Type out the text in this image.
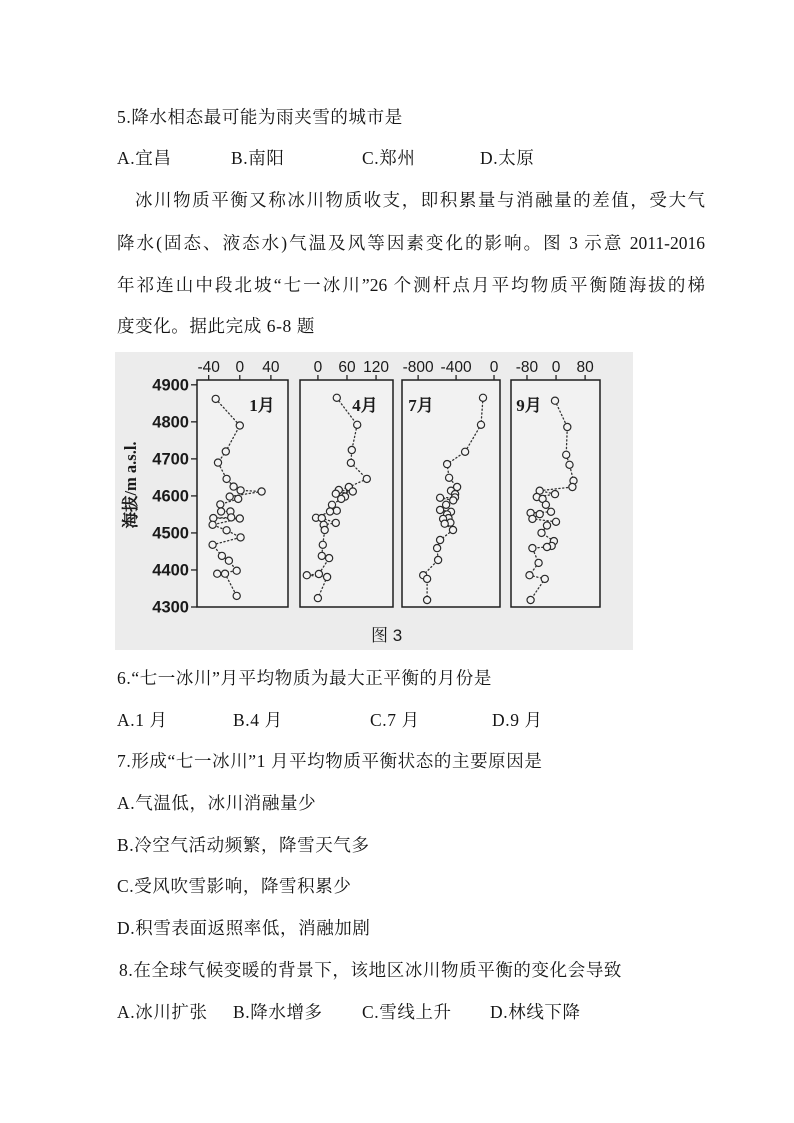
5.降水相态最可能为雨夹雪的城市是
A.宜昌	B.南阳	C.郑州	D.太原
冰川物质平衡又称冰川物质收支，即积累量与消融量的差值，受大气
降水(固态、液态水)气温及风等因素变化的影响。图 3 示意 2011-2016
年祁连山中段北坡“七一冰川”26 个测杆点月平均物质平衡随海拔的梯
度变化。据此完成 6-8 题
海拔/m a.s.l.
4900
4800
4700
4600
4500
4400
4300
-40 0 40
1月
0 60 120
4月
-800 -400 0
7月
-80 0 80
9月
图 3
6.“七一冰川”月平均物质为最大正平衡的月份是
A.1 月	B.4 月	C.7 月	D.9 月
7.形成“七一冰川”1 月平均物质平衡状态的主要原因是
A.气温低，冰川消融量少
B.冷空气活动频繁，降雪天气多
C.受风吹雪影响，降雪积累少
D.积雪表面返照率低，消融加剧
8.在全球气候变暖的背景下，该地区冰川物质平衡的变化会导致
A.冰川扩张 B.降水增多 C.雪线上升 D.林线下降
